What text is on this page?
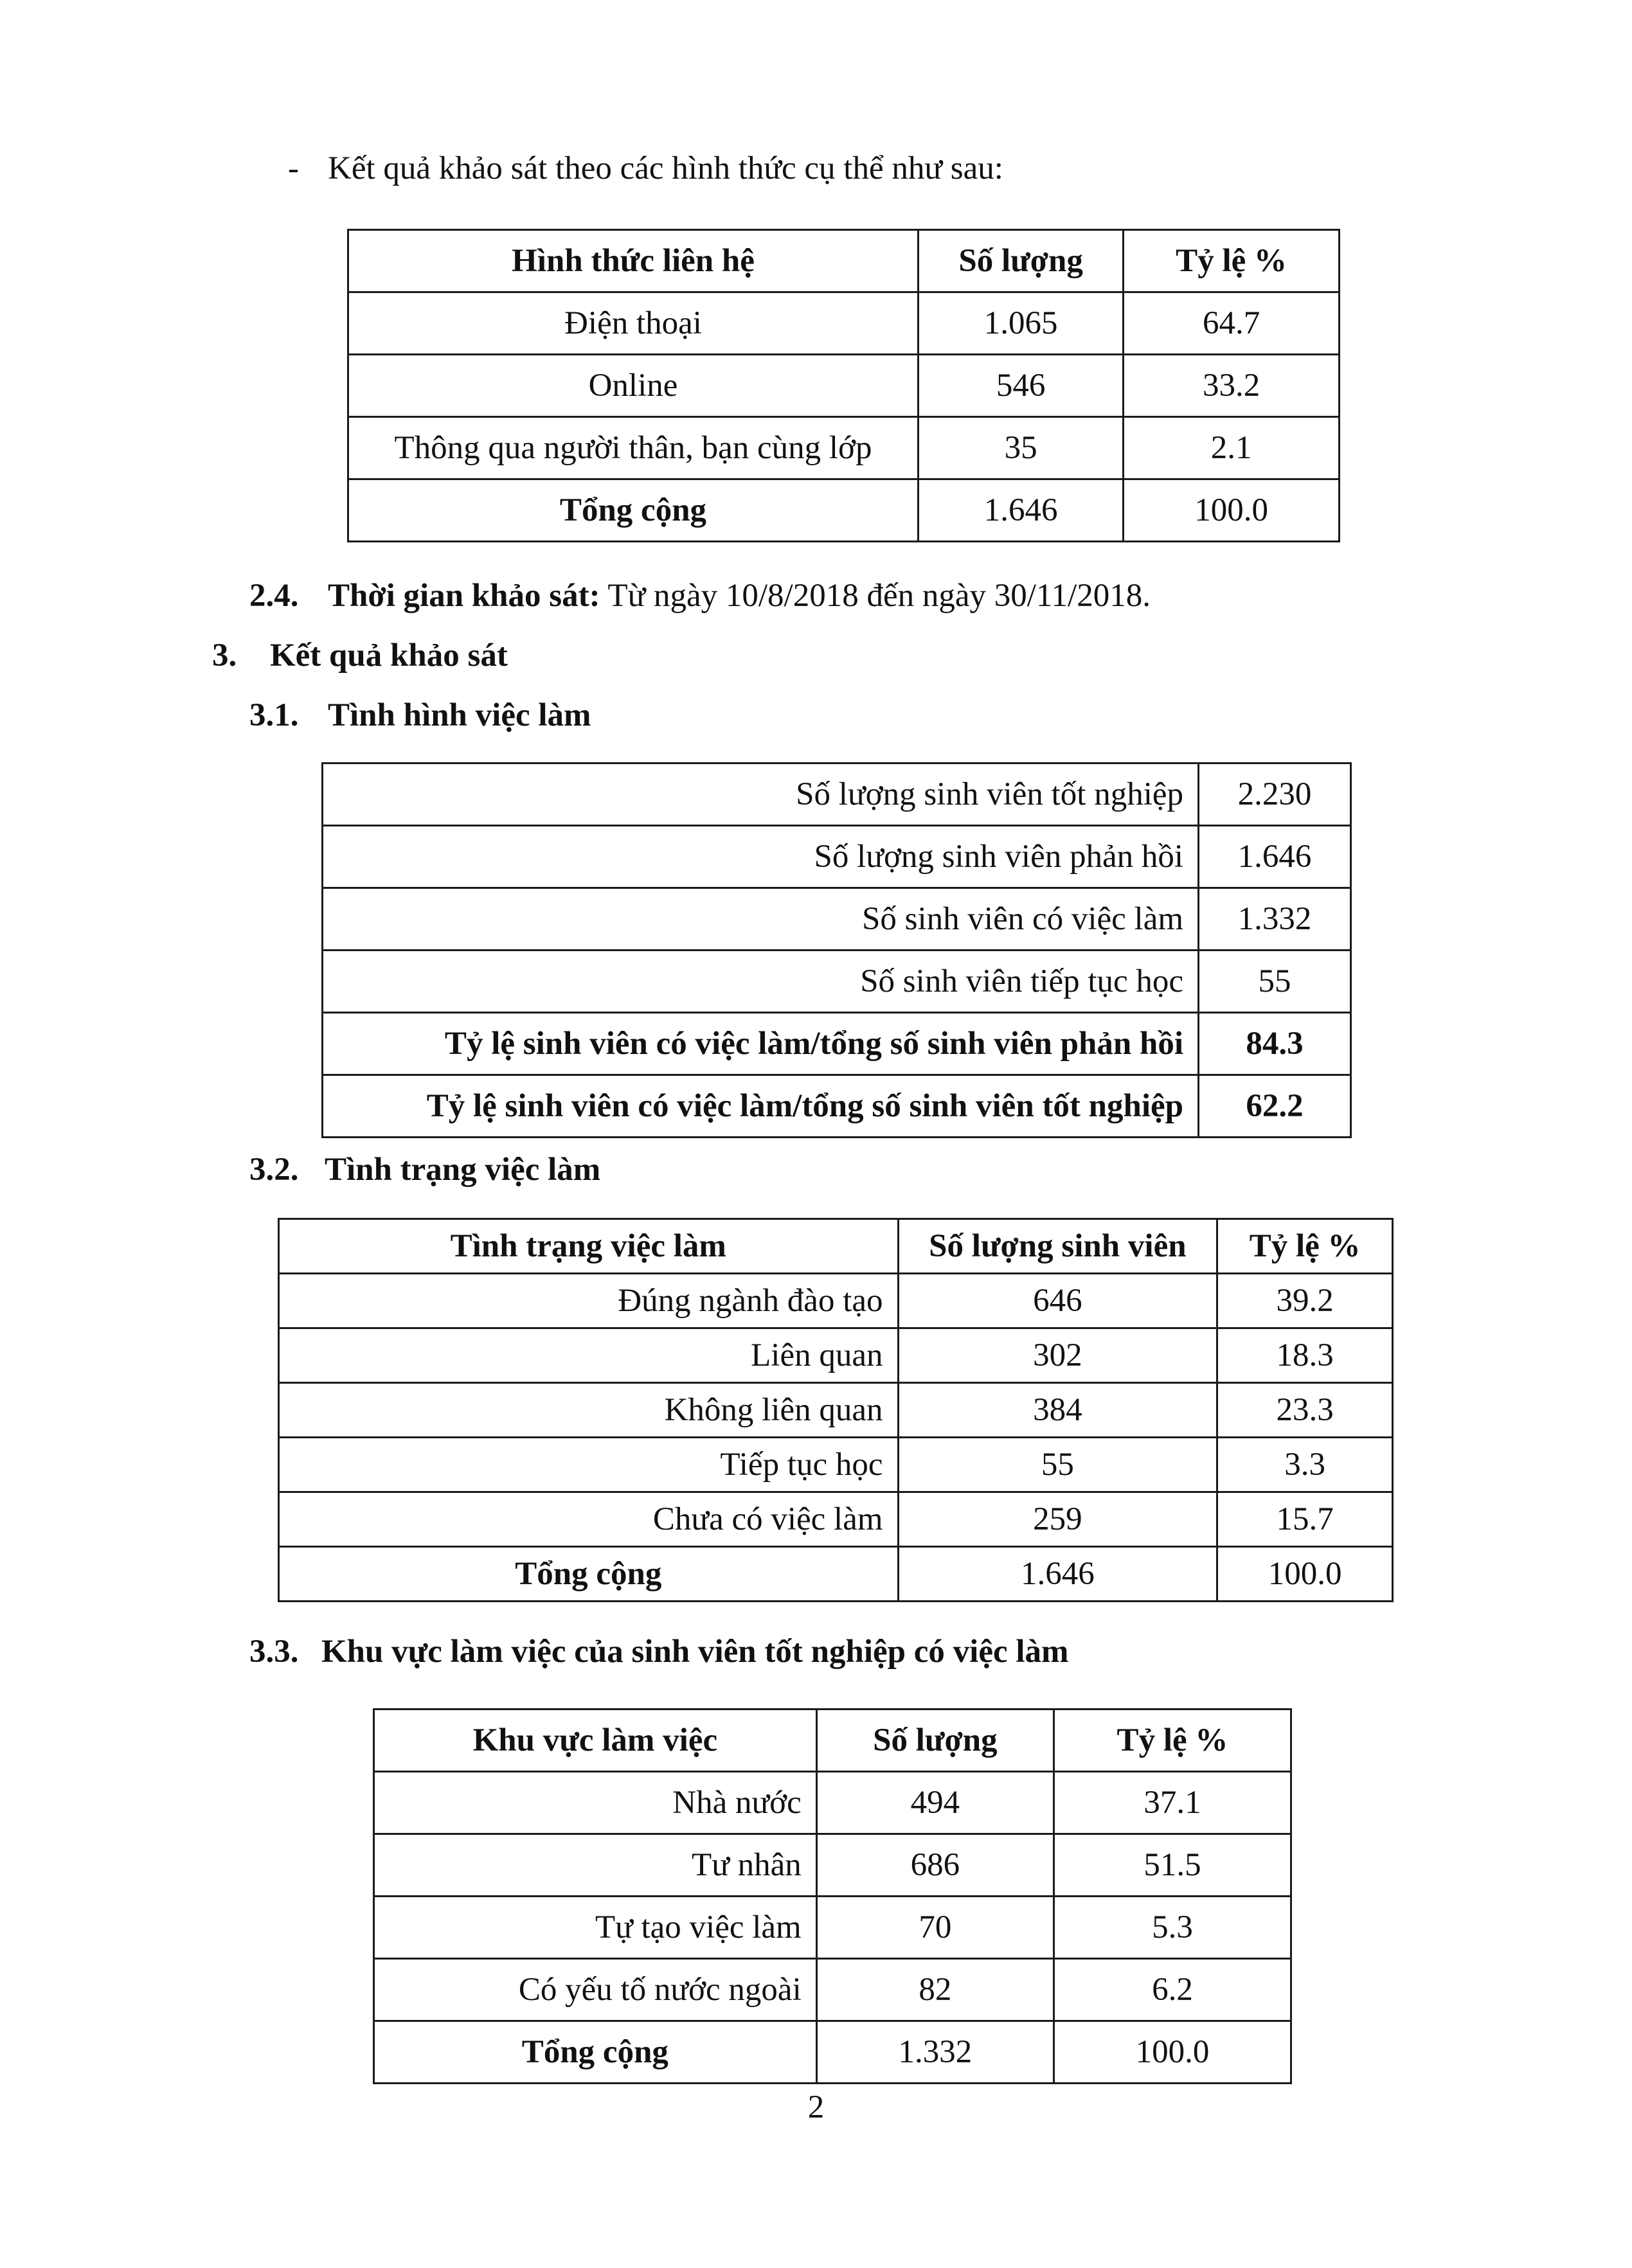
- Kết quả khảo sát theo các hình thức cụ thể như sau:
Hình thức liên hệ	Số lượng	Tỷ lệ %
Điện thoại	1.065	64.7
Online	546	33.2
Thông qua người thân, bạn cùng lớp	35	2.1
Tổng cộng	1.646	100.0
2.4. Thời gian khảo sát: Từ ngày 10/8/2018 đến ngày 30/11/2018.
3. Kết quả khảo sát
3.1. Tình hình việc làm
Số lượng sinh viên tốt nghiệp	2.230
Số lượng sinh viên phản hồi	1.646
Số sinh viên có việc làm	1.332
Số sinh viên tiếp tục học	55
Tỷ lệ sinh viên có việc làm/tổng số sinh viên phản hồi	84.3
Tỷ lệ sinh viên có việc làm/tổng số sinh viên tốt nghiệp	62.2
3.2. Tình trạng việc làm
Tình trạng việc làm	Số lượng sinh viên	Tỷ lệ %
Đúng ngành đào tạo	646	39.2
Liên quan	302	18.3
Không liên quan	384	23.3
Tiếp tục học	55	3.3
Chưa có việc làm	259	15.7
Tổng cộng	1.646	100.0
3.3. Khu vực làm việc của sinh viên tốt nghiệp có việc làm
Khu vực làm việc	Số lượng	Tỷ lệ %
Nhà nước	494	37.1
Tư nhân	686	51.5
Tự tạo việc làm	70	5.3
Có yếu tố nước ngoài	82	6.2
Tổng cộng	1.332	100.0
2
